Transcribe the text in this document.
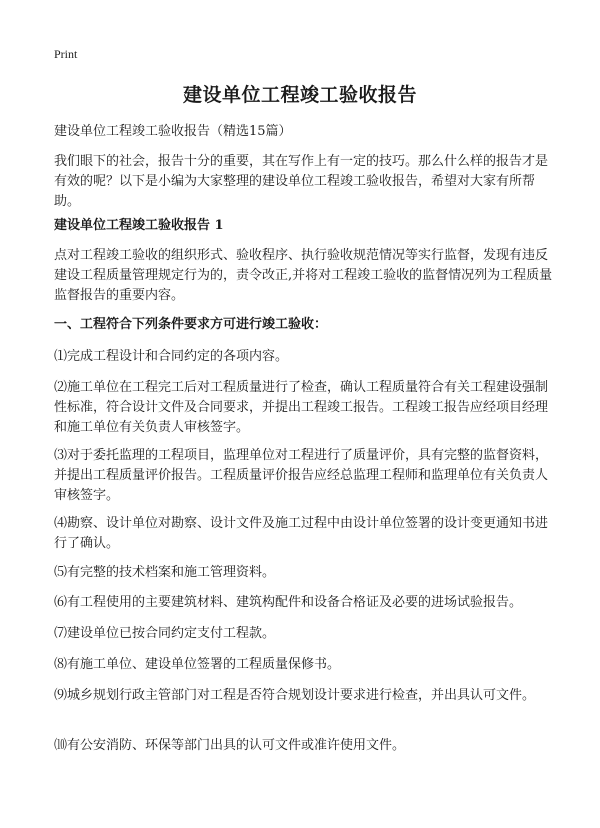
Print
建设单位工程竣工验收报告
建设单位工程竣工验收报告（精选15篇）
我们眼下的社会，报告十分的重要，其在写作上有一定的技巧。那么什么样的报告才是有效的呢？以下是小编为大家整理的建设单位工程竣工验收报告，希望对大家有所帮助。
建设单位工程竣工验收报告 1
点对工程竣工验收的组织形式、验收程序、执行验收规范情况等实行监督，发现有违反建设工程质量管理规定行为的，责令改正,并将对工程竣工验收的监督情况列为工程质量监督报告的重要内容。
一、工程符合下列条件要求方可进行竣工验收：
⑴完成工程设计和合同约定的各项内容。
⑵施工单位在工程完工后对工程质量进行了检查，确认工程质量符合有关工程建设强制性标准，符合设计文件及合同要求，并提出工程竣工报告。工程竣工报告应经项目经理和施工单位有关负责人审核签字。
⑶对于委托监理的工程项目，监理单位对工程进行了质量评价，具有完整的监督资料，并提出工程质量评价报告。工程质量评价报告应经总监理工程师和监理单位有关负责人审核签字。
⑷勘察、设计单位对勘察、设计文件及施工过程中由设计单位签署的设计变更通知书进行了确认。
⑸有完整的技术档案和施工管理资料。
⑹有工程使用的主要建筑材料、建筑构配件和设备合格证及必要的进场试验报告。
⑺建设单位已按合同约定支付工程款。
⑻有施工单位、建设单位签署的工程质量保修书。
⑼城乡规划行政主管部门对工程是否符合规划设计要求进行检查，并出具认可文件。
⑽有公安消防、环保等部门出具的认可文件或准许使用文件。
